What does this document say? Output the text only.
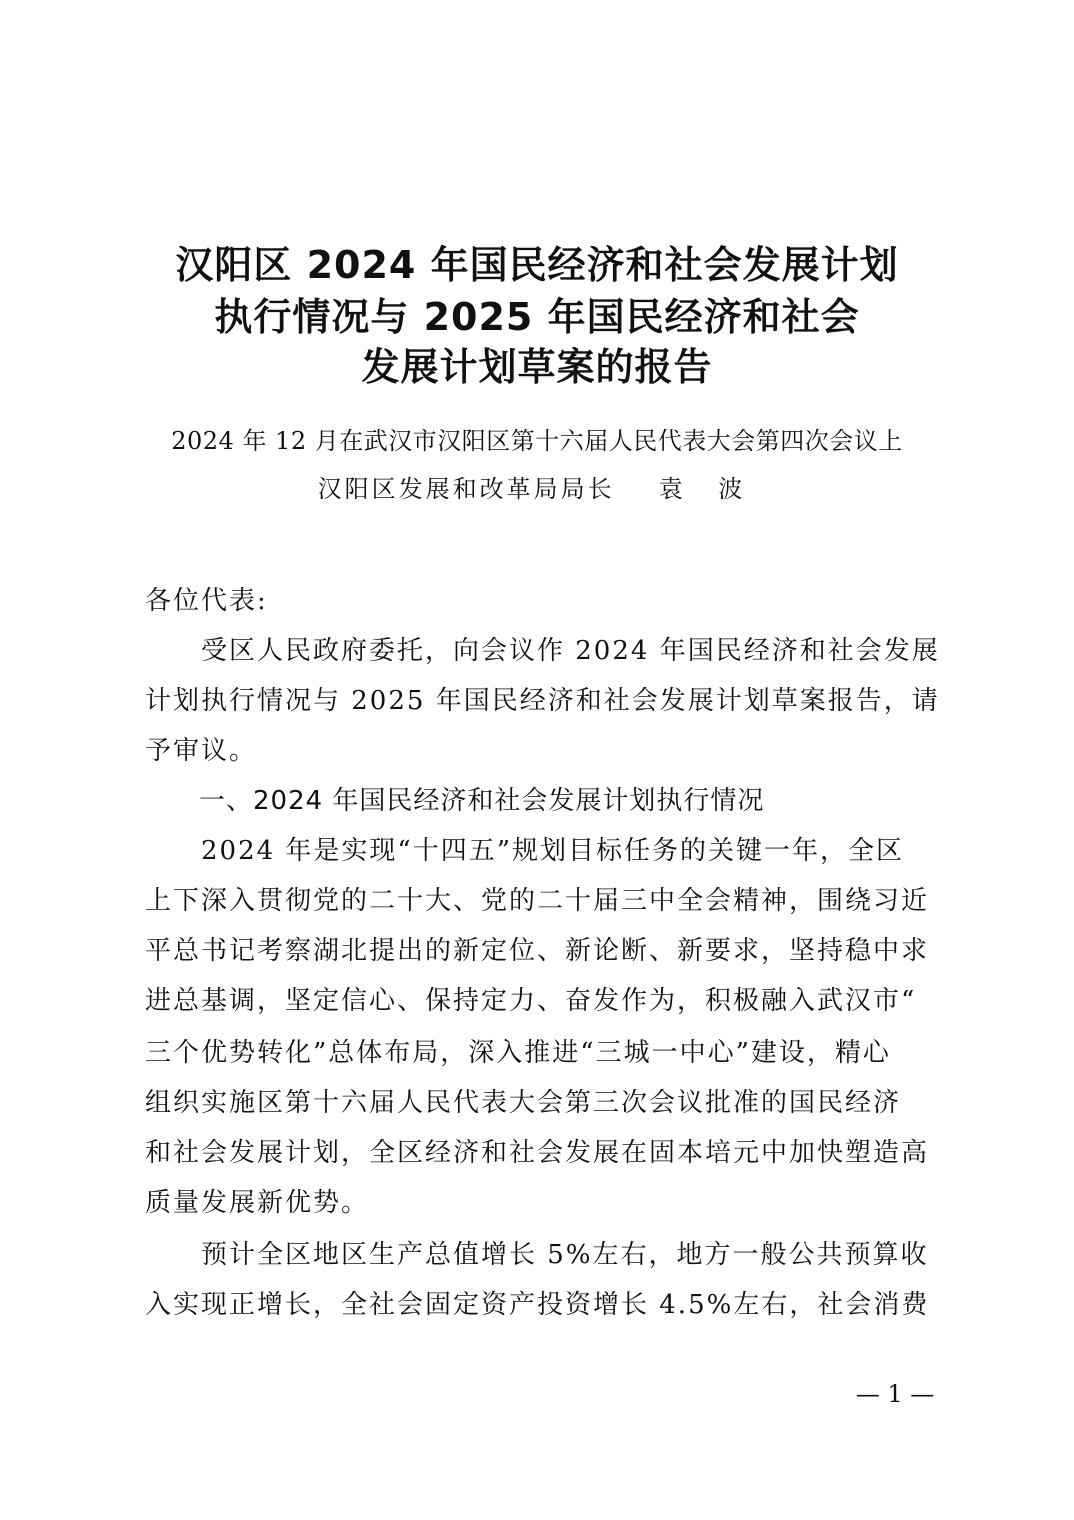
汉阳区 2024 年国民经济和社会发展计划
执行情况与 2025 年国民经济和社会
发展计划草案的报告
2024 年 12 月在武汉市汉阳区第十六届人民代表大会第四次会议上
汉阳区发展和改革局局长 袁 波
各位代表:
　　受区人民政府委托，向会议作 2024 年国民经济和社会发展
计划执行情况与 2025 年国民经济和社会发展计划草案报告，请
予审议。
　　一、2024 年国民经济和社会发展计划执行情况
　　2024 年是实现“十四五”规划目标任务的关键一年，全区
上下深入贯彻党的二十大、党的二十届三中全会精神，围绕习近
平总书记考察湖北提出的新定位、新论断、新要求，坚持稳中求
进总基调，坚定信心、保持定力、奋发作为，积极融入武汉市“
三个优势转化”总体布局，深入推进“三城一中心”建设，精心
组织实施区第十六届人民代表大会第三次会议批准的国民经济
和社会发展计划，全区经济和社会发展在固本培元中加快塑造高
质量发展新优势。
　　预计全区地区生产总值增长 5%左右，地方一般公共预算收
入实现正增长，全社会固定资产投资增长 4.5%左右，社会消费
— 1 —
